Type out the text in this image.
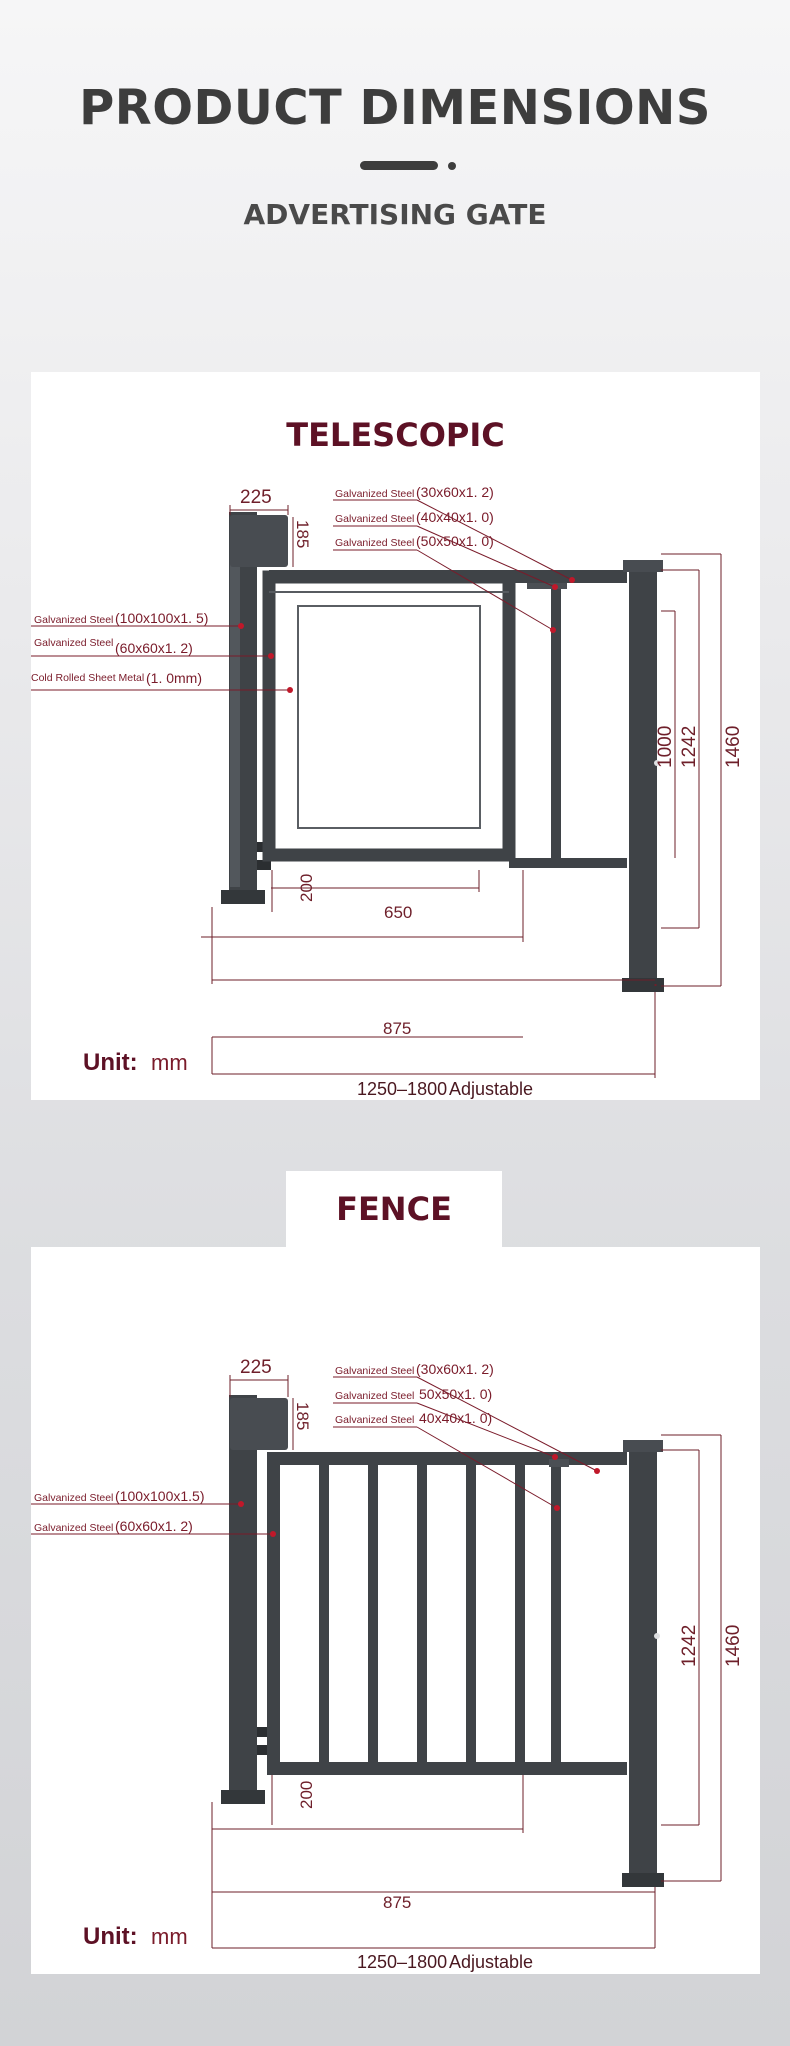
PRODUCT DIMENSIONS
ADVERTISING GATE
TELESCOPIC
Galvanized Steel (30x60x1. 2)
Galvanized Steel (40x40x1. 0)
Galvanized Steel (50x50x1. 0)
Galvanized Steel (100x100x1. 5)
Galvanized Steel (60x60x1. 2)
Cold Rolled Sheet Metal (1. 0mm)
225
185
1000 1242 1460
200
650
875
Unit: mm
1250–1800 Adjustable
FENCE
Galvanized Steel (30x60x1. 2)
Galvanized Steel 50x50x1. 0)
Galvanized Steel 40x40x1. 0)
Galvanized Steel (100x100x1.5)
Galvanized Steel (60x60x1. 2)
225
185
1242 1460
200
875
Unit: mm
1250–1800 Adjustable
